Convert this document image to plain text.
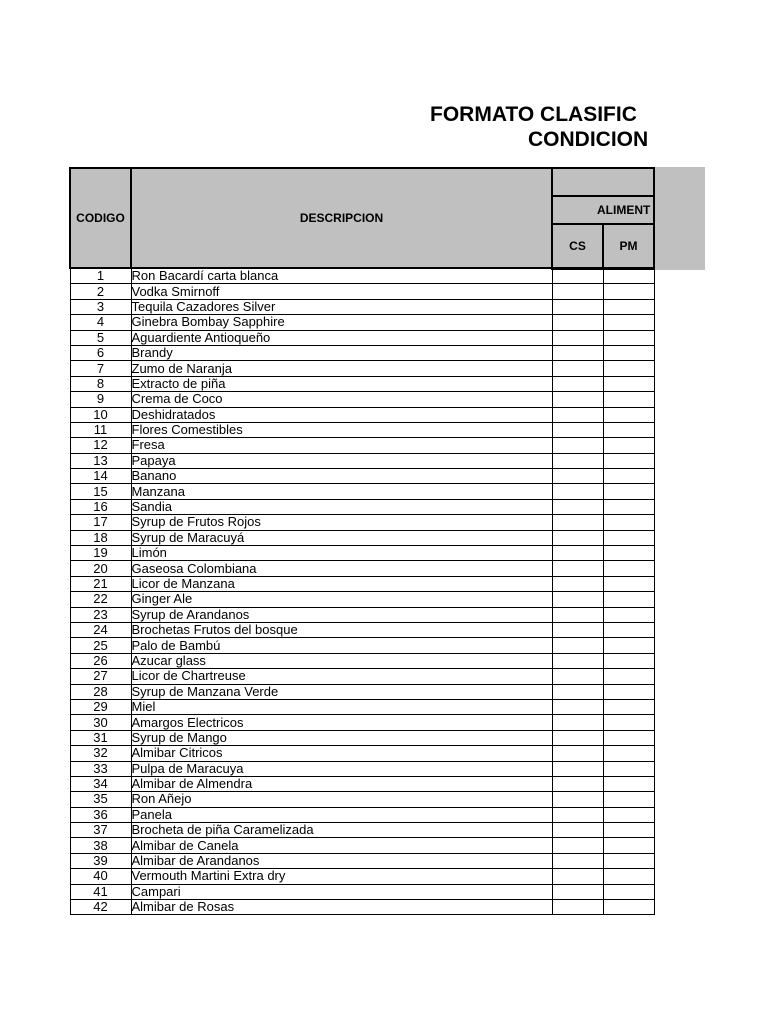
FORMATO CLASIFIC
CONDICION
CODIGO	DESCRIPCION		
		ALIMENT	
		CS	PM
1	Ron Bacardí carta blanca		
2	Vodka Smirnoff		
3	Tequila Cazadores Silver		
4	Ginebra Bombay Sapphire		
5	Aguardiente Antioqueño		
6	Brandy		
7	Zumo de Naranja		
8	Extracto de piña		
9	Crema de Coco		
10	Deshidratados		
11	Flores Comestibles		
12	Fresa		
13	Papaya		
14	Banano		
15	Manzana		
16	Sandia		
17	Syrup de Frutos Rojos		
18	Syrup de Maracuyá		
19	Limón		
20	Gaseosa Colombiana		
21	Licor de Manzana		
22	Ginger Ale		
23	Syrup de Arandanos		
24	Brochetas Frutos del bosque		
25	Palo de Bambú		
26	Azucar glass		
27	Licor de Chartreuse		
28	Syrup de Manzana Verde		
29	Miel		
30	Amargos Electricos		
31	Syrup de Mango		
32	Almibar Citricos		
33	Pulpa de Maracuya		
34	Almibar de Almendra		
35	Ron Añejo		
36	Panela		
37	Brocheta de piña Caramelizada		
38	Almibar de Canela		
39	Almibar de Arandanos		
40	Vermouth Martini Extra dry		
41	Campari		
42	Almibar de Rosas		
